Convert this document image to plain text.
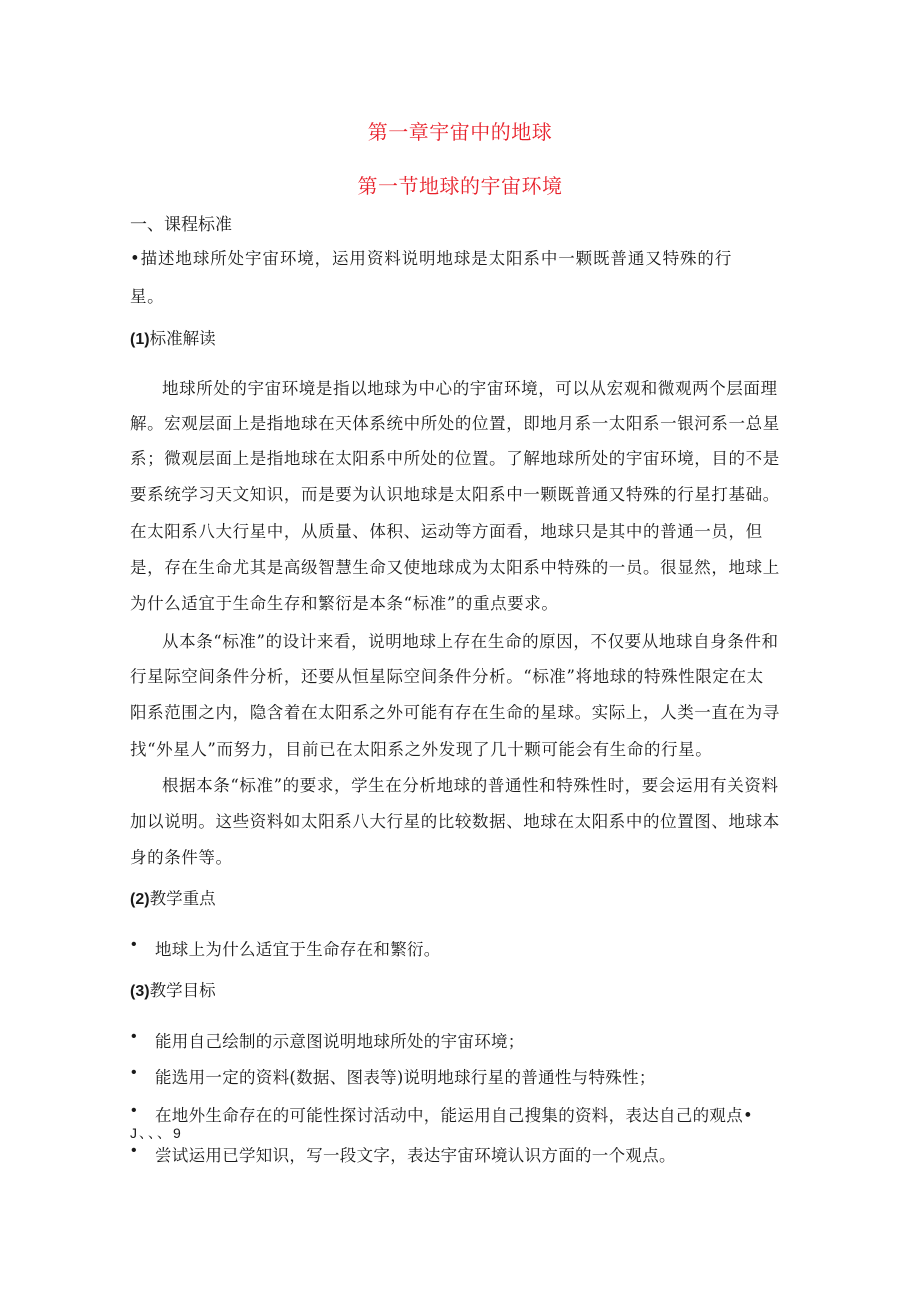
第一章宇宙中的地球
第一节地球的宇宙环境
一、课程标准
•描述地球所处宇宙环境，运用资料说明地球是太阳系中一颗既普通又特殊的行
星。
(1)标准解读
地球所处的宇宙环境是指以地球为中心的宇宙环境，可以从宏观和微观两个层面理
解。宏观层面上是指地球在天体系统中所处的位置，即地月系一太阳系一银河系一总星
系；微观层面上是指地球在太阳系中所处的位置。了解地球所处的宇宙环境，目的不是
要系统学习天文知识，而是要为认识地球是太阳系中一颗既普通又特殊的行星打基础。
在太阳系八大行星中，从质量、体积、运动等方面看，地球只是其中的普通一员，但
是，存在生命尤其是高级智慧生命又使地球成为太阳系中特殊的一员。很显然，地球上
为什么适宜于生命生存和繁衍是本条“标准”的重点要求。
从本条“标准”的设计来看，说明地球上存在生命的原因，不仅要从地球自身条件和
行星际空间条件分析，还要从恒星际空间条件分析。“标准”将地球的特殊性限定在太
阳系范围之内，隐含着在太阳系之外可能有存在生命的星球。实际上，人类一直在为寻
找“外星人”而努力，目前已在太阳系之外发现了几十颗可能会有生命的行星。
根据本条“标准”的要求，学生在分析地球的普通性和特殊性时，要会运用有关资料
加以说明。这些资料如太阳系八大行星的比较数据、地球在太阳系中的位置图、地球本
身的条件等。
(2)教学重点
• 地球上为什么适宜于生命存在和繁衍。
(3)教学目标
• 能用自己绘制的示意图说明地球所处的宇宙环境；
• 能选用一定的资料(数据、图表等)说明地球行星的普通性与特殊性；
• 在地外生命存在的可能性探讨活动中，能运用自己搜集的资料，表达自己的观点•
J、、、9
• 尝试运用已学知识，写一段文字，表达宇宙环境认识方面的一个观点。
